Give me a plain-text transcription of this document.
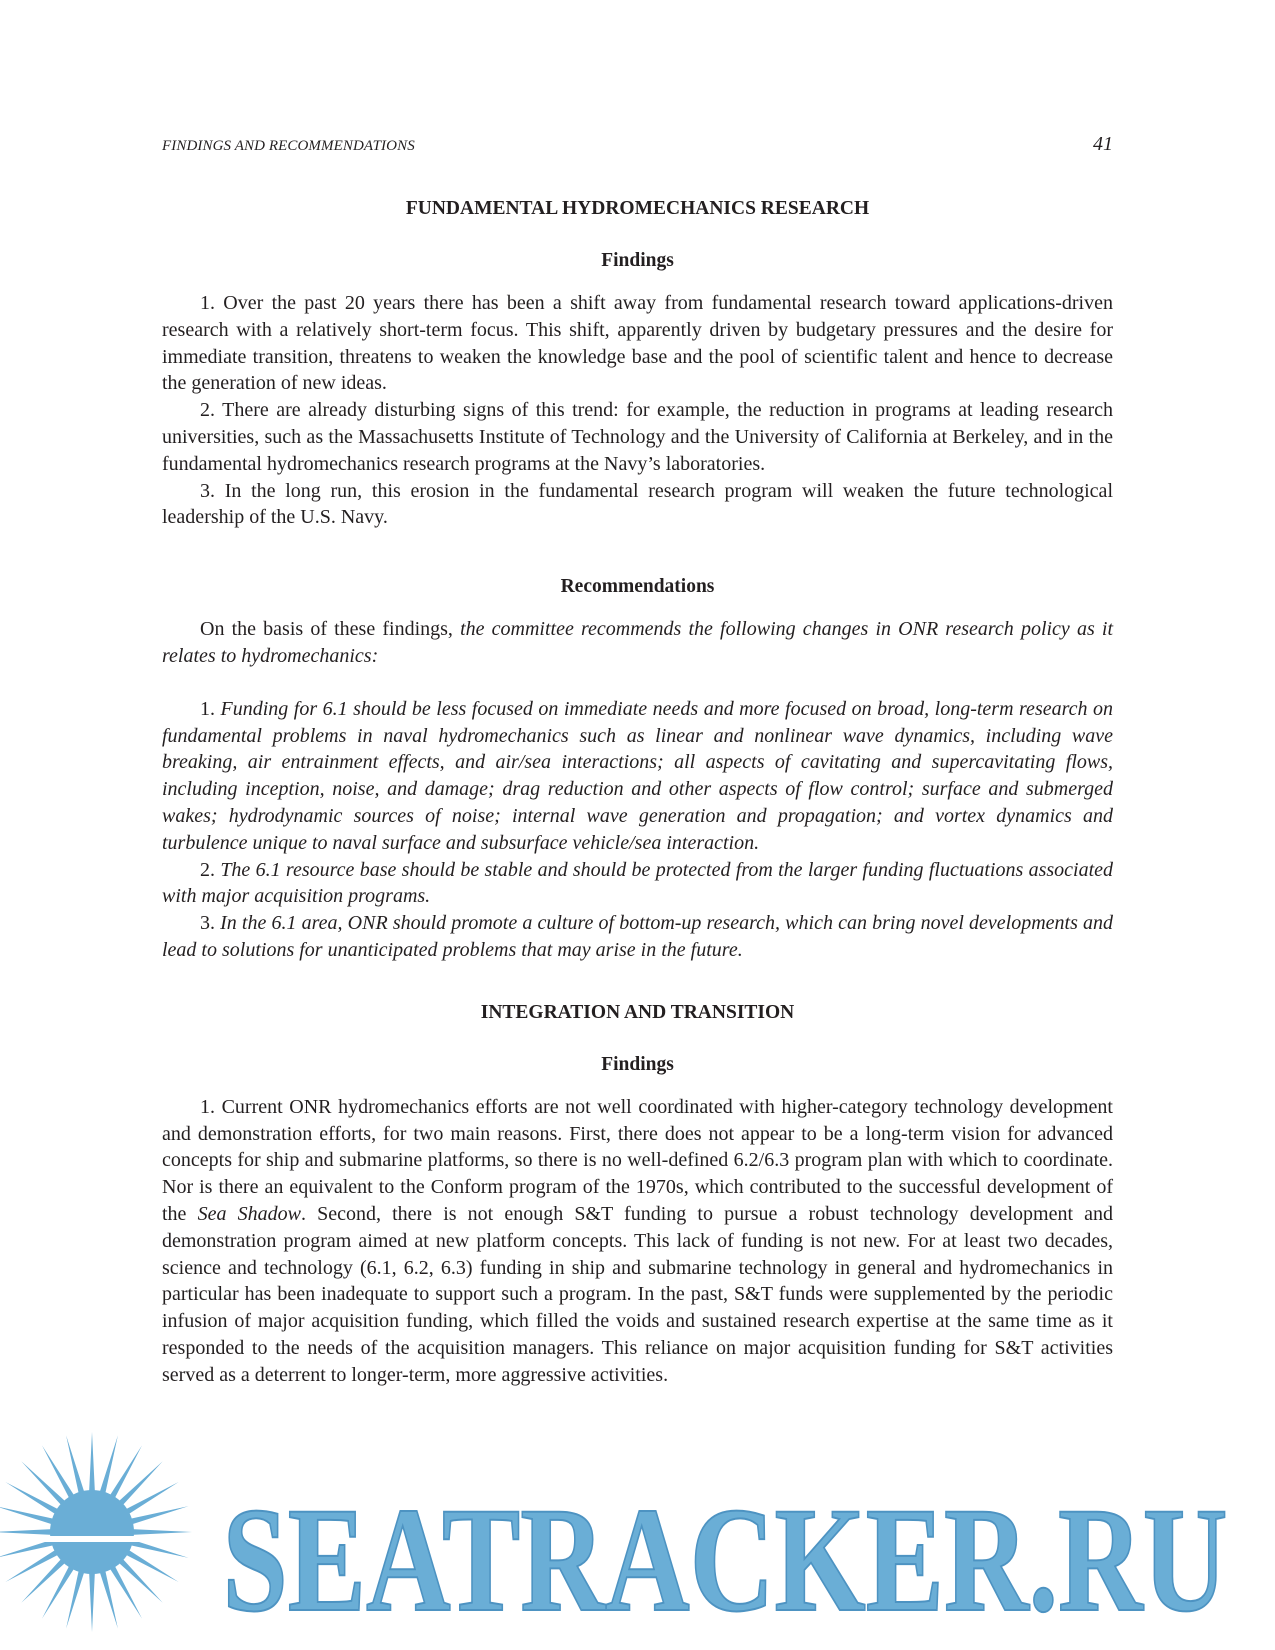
FINDINGS AND RECOMMENDATIONS	41
FUNDAMENTAL HYDROMECHANICS RESEARCH
Findings

1. Over the past 20 years there has been a shift away from fundamental research toward applications-driven research with a relatively short-term focus. This shift, apparently driven by budgetary pressures and the desire for immediate transition, threatens to weaken the knowledge base and the pool of scientific talent and hence to decrease the generation of new ideas.

2. There are already disturbing signs of this trend: for example, the reduction in programs at leading research universities, such as the Massachusetts Institute of Technology and the University of California at Berkeley, and in the fundamental hydromechanics research programs at the Navy’s laboratories.

3. In the long run, this erosion in the fundamental research program will weaken the future technological leadership of the U.S. Navy.

Recommendations

On the basis of these findings, the committee recommends the following changes in ONR research policy as it relates to hydromechanics:

1. Funding for 6.1 should be less focused on immediate needs and more focused on broad, long-term research on fundamental problems in naval hydromechanics such as linear and nonlinear wave dynamics, including wave breaking, air entrainment effects, and air/sea interactions; all aspects of cavitating and supercavitating flows, including inception, noise, and damage; drag reduction and other aspects of flow control; surface and submerged wakes; hydrodynamic sources of noise; internal wave generation and propagation; and vortex dynamics and turbulence unique to naval surface and subsurface vehicle/sea interaction.

2. The 6.1 resource base should be stable and should be protected from the larger funding fluctuations associated with major acquisition programs.

3. In the 6.1 area, ONR should promote a culture of bottom-up research, which can bring novel developments and lead to solutions for unanticipated problems that may arise in the future.

INTEGRATION AND TRANSITION
Findings

1. Current ONR hydromechanics efforts are not well coordinated with higher-category technology development and demonstration efforts, for two main reasons. First, there does not appear to be a long-term vision for advanced concepts for ship and submarine platforms, so there is no well-defined 6.2/6.3 program plan with which to coordinate. Nor is there an equivalent to the Conform program of the 1970s, which contributed to the successful development of the Sea Shadow. Second, there is not enough S&T funding to pursue a robust technology development and demonstration program aimed at new platform concepts. This lack of funding is not new. For at least two decades, science and technology (6.1, 6.2, 6.3) funding in ship and submarine technology in general and hydromechanics in particular has been inadequate to support such a program. In the past, S&T funds were supplemented by the periodic infusion of major acquisition funding, which filled the voids and sustained research expertise at the same time as it responded to the needs of the acquisition managers. This reliance on major acquisition funding for S&T activities served as a deterrent to longer-term, more aggressive activities.

SEATRACKER.RU
